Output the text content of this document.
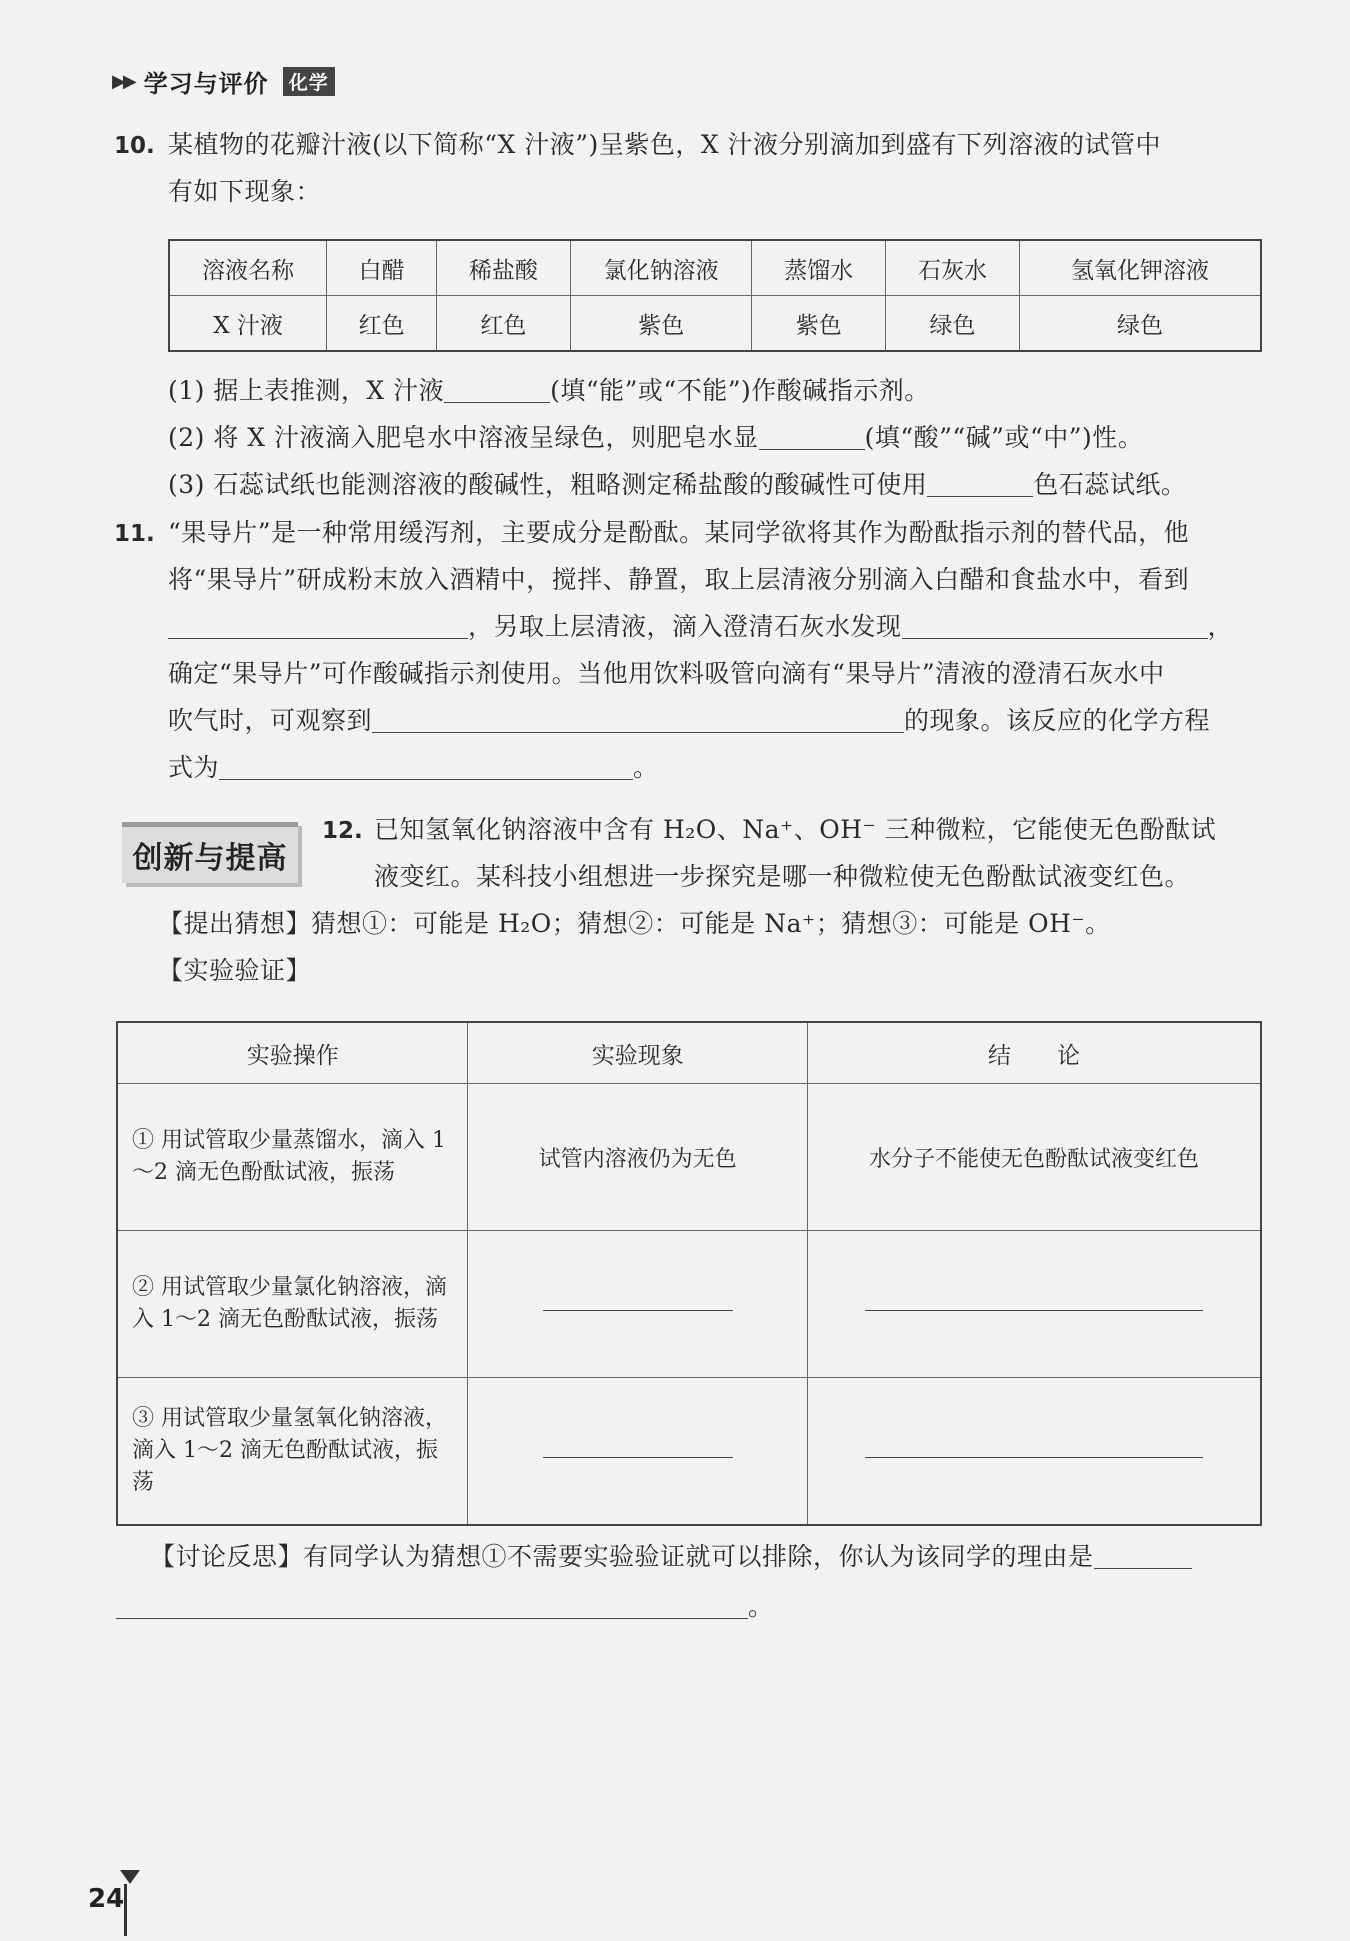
▶▶ 学习与评价	化学
10. 某植物的花瓣汁液(以下简称“X 汁液”)呈紫色，X 汁液分别滴加到盛有下列溶液的试管中
有如下现象：
溶液名称	白醋	稀盐酸	氯化钠溶液	蒸馏水	石灰水	氢氧化钾溶液
X 汁液	红色	红色	紫色	紫色	绿色	绿色
(1) 据上表推测，X 汁液	(填“能”或“不能”)作酸碱指示剂。
(2) 将 X 汁液滴入肥皂水中溶液呈绿色，则肥皂水显	(填“酸”“碱”或“中”)性。
(3) 石蕊试纸也能测溶液的酸碱性，粗略测定稀盐酸的酸碱性可使用	色石蕊试纸。
11. “果导片”是一种常用缓泻剂，主要成分是酚酞。某同学欲将其作为酚酞指示剂的替代品，他
将“果导片”研成粉末放入酒精中，搅拌、静置，取上层清液分别滴入白醋和食盐水中，看到
，另取上层清液，滴入澄清石灰水发现	，
确定“果导片”可作酸碱指示剂使用。当他用饮料吸管向滴有“果导片”清液的澄清石灰水中
吹气时，可观察到	的现象。该反应的化学方程
式为	。
创新与提高
12. 已知氢氧化钠溶液中含有 H₂O、Na⁺、OH⁻ 三种微粒，它能使无色酚酞试
液变红。某科技小组想进一步探究是哪一种微粒使无色酚酞试液变红色。
【提出猜想】猜想①：可能是 H₂O；猜想②：可能是 Na⁺；猜想③：可能是 OH⁻。
【实验验证】
实验操作	实验现象	结　　论
① 用试管取少量蒸馏水，滴入 1～2 滴无色酚酞试液，振荡	试管内溶液仍为无色	水分子不能使无色酚酞试液变红色
② 用试管取少量氯化钠溶液，滴入 1～2 滴无色酚酞试液，振荡		
③ 用试管取少量氢氧化钠溶液，滴入 1～2 滴无色酚酞试液，振荡		
【讨论反思】有同学认为猜想①不需要实验验证就可以排除，你认为该同学的理由是
。
24
